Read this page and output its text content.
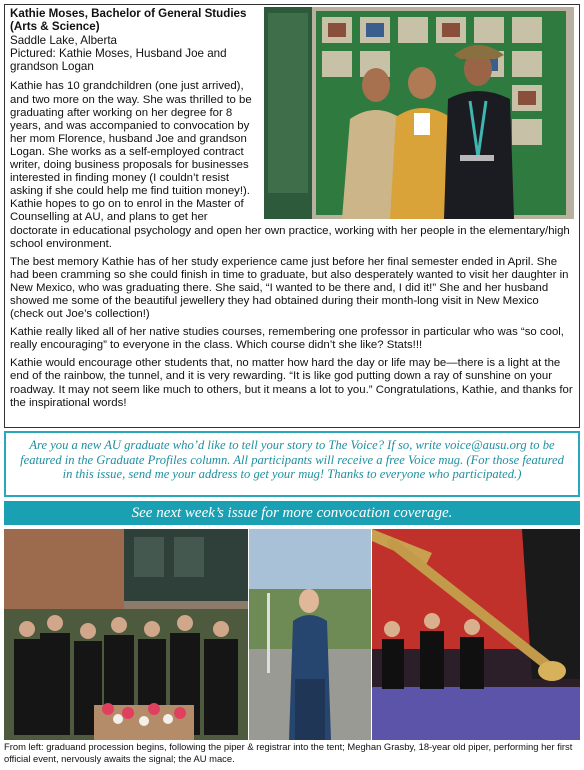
Kathie Moses, Bachelor of General Studies
(Arts & Science)
Saddle Lake, Alberta
Pictured: Kathie Moses, Husband Joe and
grandson Logan

Kathie has 10 grandchildren (one just arrived), and two more on the way. She was thrilled to be graduating after working on her degree for 8 years, and was accompanied to convocation by her mom Florence, husband Joe and grandson Logan. She works as a self-employed contract writer, doing business proposals for businesses interested in finding money (I couldn’t resist asking if she could help me find tuition money!). Kathie hopes to go on to enrol in the Master of Counselling at AU, and plans to get her doctorate in educational psychology and open her own practice, working with her people in the elementary/high school environment.

The best memory Kathie has of her study experience came just before her final semester ended in April. She had been cramming so she could finish in time to graduate, but also desperately wanted to visit her daughter in New Mexico, who was graduating there. She said, “I wanted to be there and, I did it!” She and her husband showed me some of the beautiful jewellery they had obtained during their month-long visit in New Mexico (check out Joe’s collection!)

Kathie really liked all of her native studies courses, remembering one professor in particular who was “so cool, really encouraging” to everyone in the class. Which course didn’t she like? Stats!!!

Kathie would encourage other students that, no matter how hard the day or life may be—there is a light at the end of the rainbow, the tunnel, and it is very rewarding. “It is like god putting down a ray of sunshine on your roadway. It may not seem like much to others, but it means a lot to you.” Congratulations, Kathie, and thanks for the inspirational words!

Are you a new AU graduate who’d like to tell your story to The Voice? If so, write voice@ausu.org to be featured in the Graduate Profiles column. All participants will receive a free Voice mug. (For those featured in this issue, send me your address to get your mug! Thanks to everyone who participated.)
See next week’s issue for more convocation coverage.
From left: graduand procession begins, following the piper & registrar into the tent; Meghan Grasby, 18-year old piper, performing her first official event, nervously awaits the signal; the AU mace.
